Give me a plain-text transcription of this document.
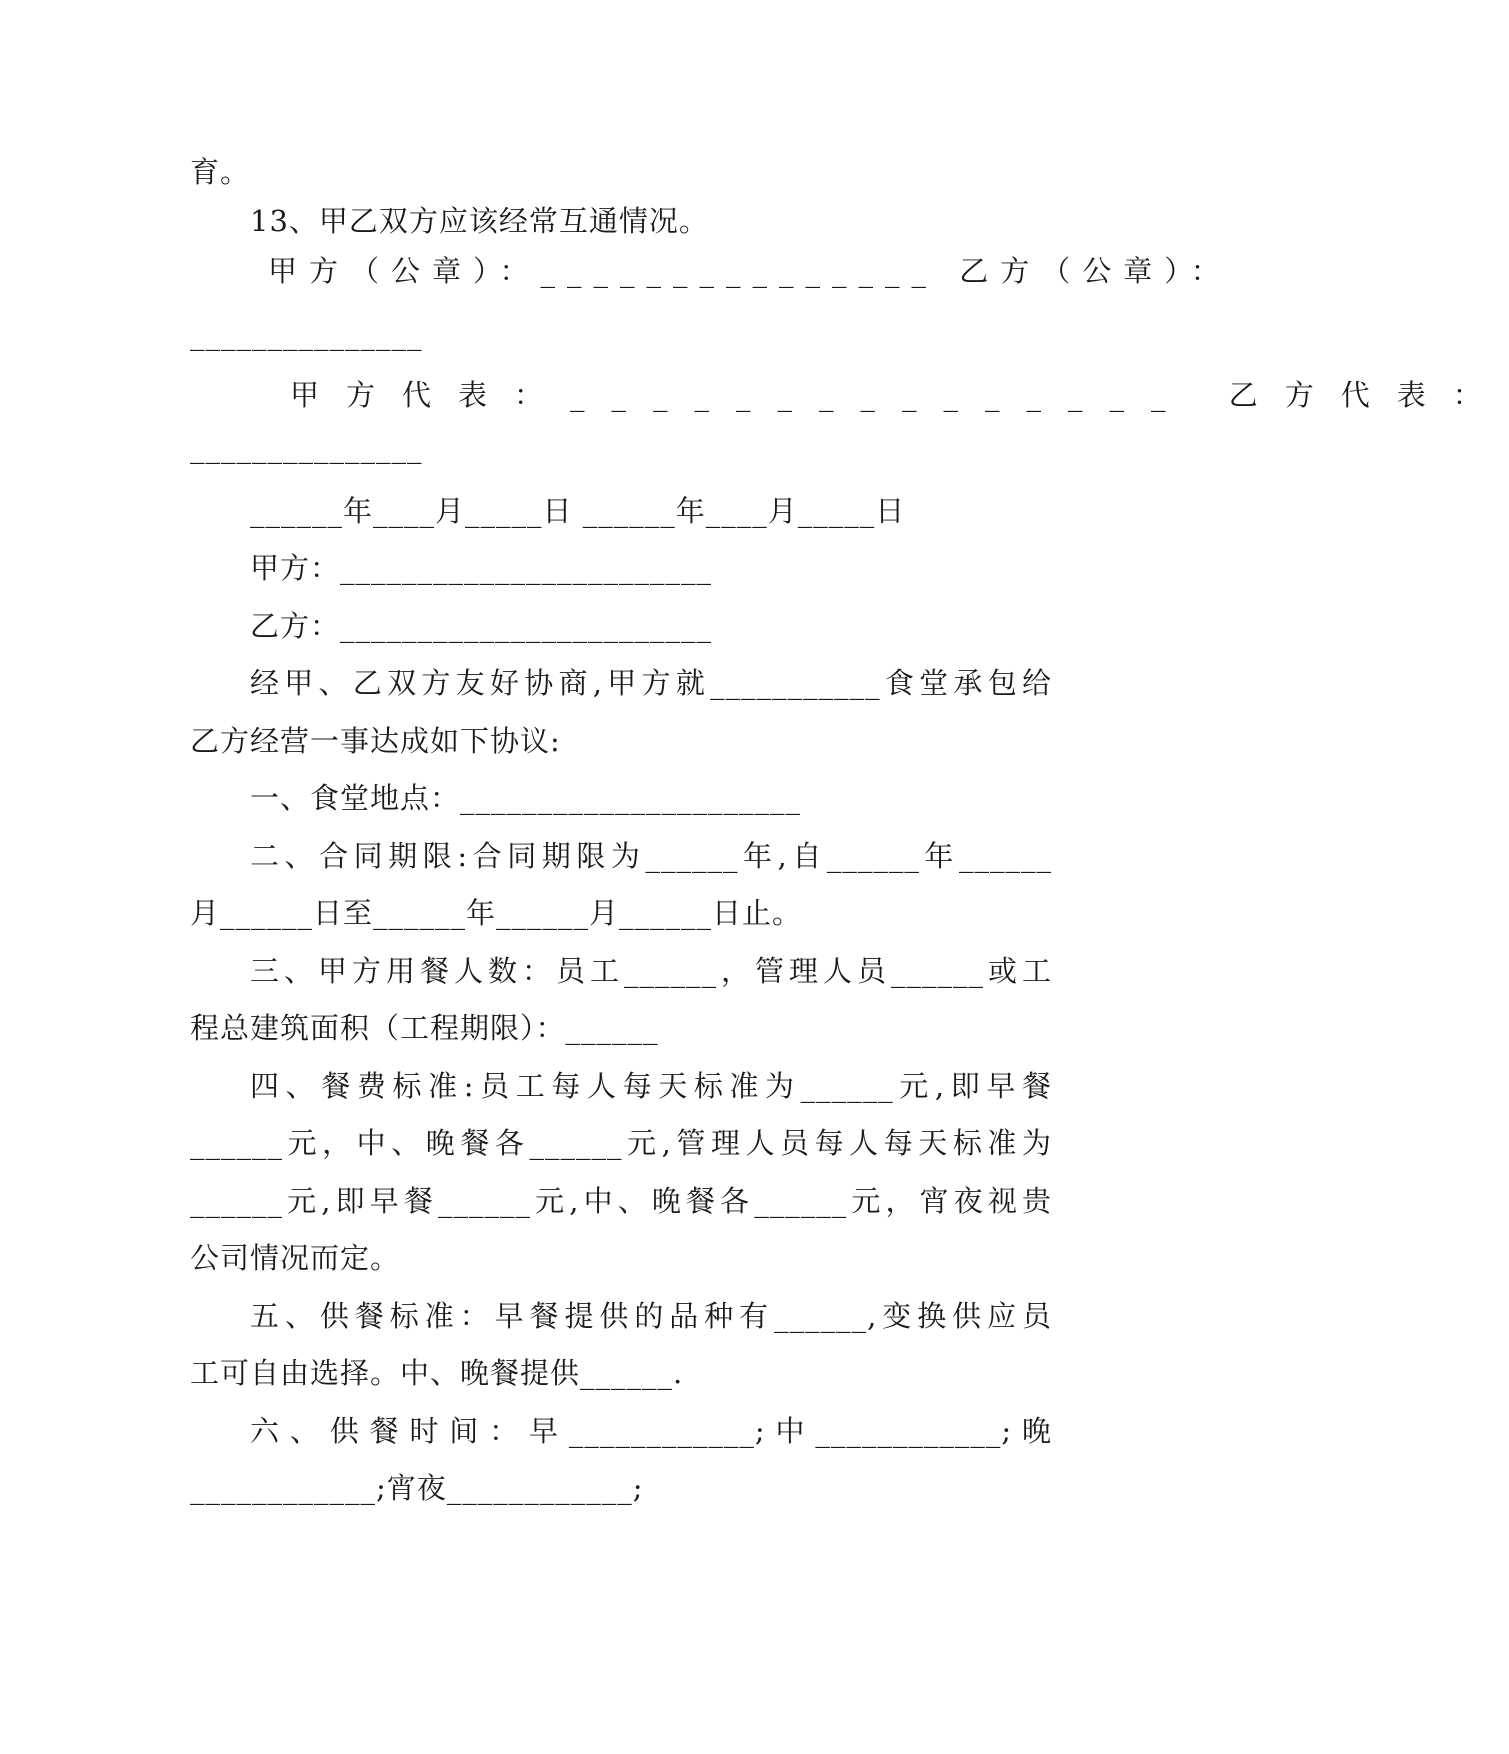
育。
13、甲乙双方应该经常互通情况。
甲方（公章）：_______________ 乙方（公章）：
_______________
甲方代表：_______________ 乙方代表：
_______________
______年____月_____日 ______年____月_____日
甲方：________________________
乙方：________________________
经甲、乙双方友好协商,甲方就___________食堂承包给
乙方经营一事达成如下协议:
一、食堂地点：______________________
二、合同期限:合同期限为______年,自______年______
月______日至______年______月______日止。
三、甲方用餐人数：员工______，管理人员______或工
程总建筑面积（工程期限）：______
四、餐费标准:员工每人每天标准为______元,即早餐
______元，中、晚餐各______元,管理人员每人每天标准为
______元,即早餐______元,中、晚餐各______元，宵夜视贵
公司情况而定。
五、供餐标准：早餐提供的品种有______,变换供应员
工可自由选择。中、晚餐提供______.
六、供餐时间：早____________;中____________;晚
____________;宵夜____________;
